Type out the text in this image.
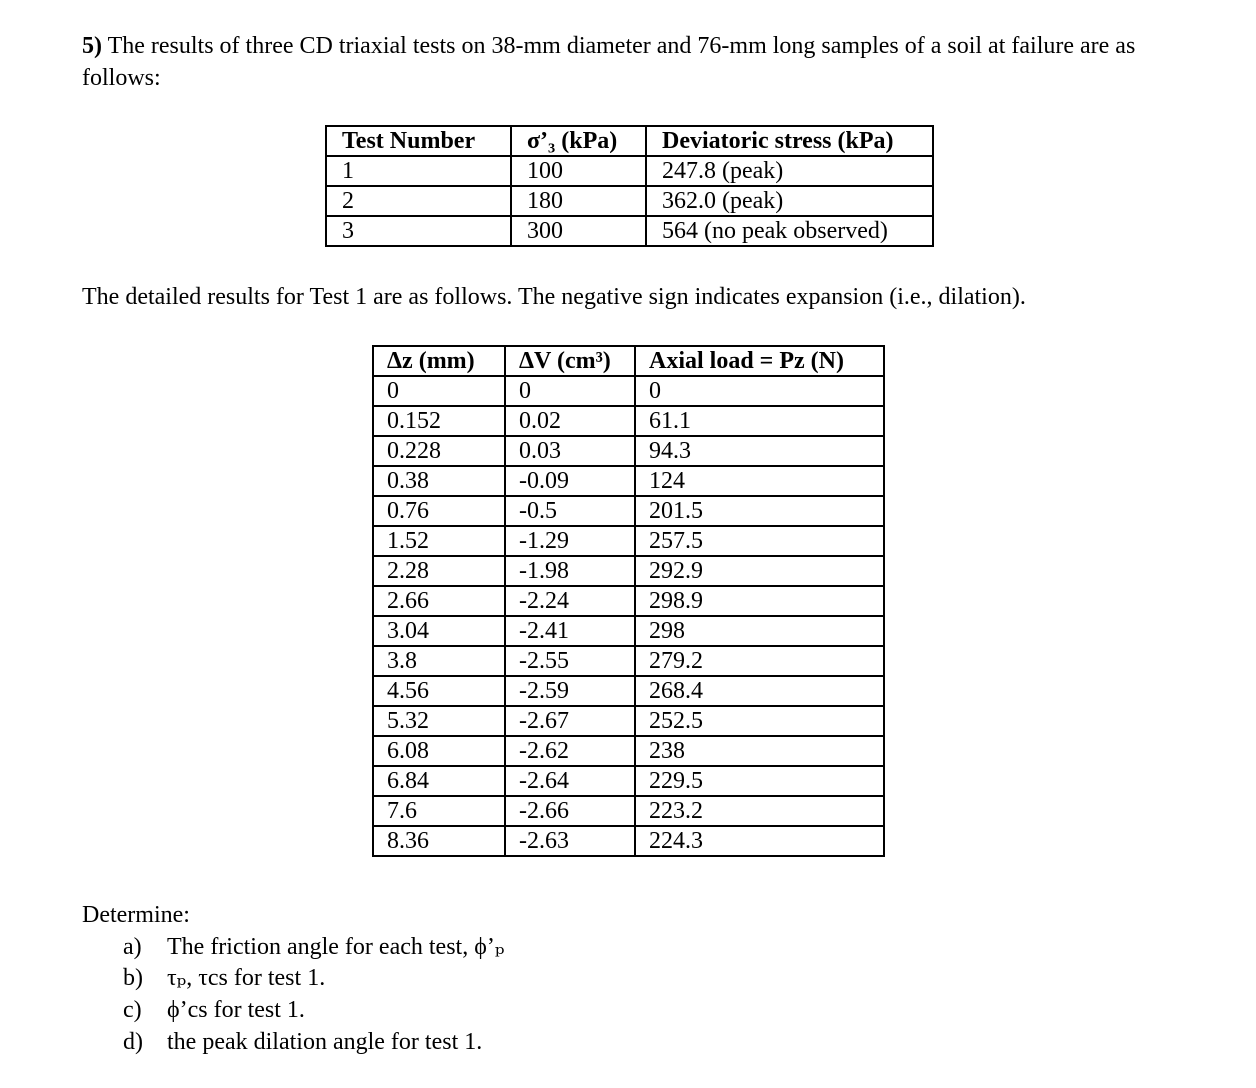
5) The results of three CD triaxial tests on 38-mm diameter and 76-mm long samples of a soil at failure are as follows:
Test Number	σ’₃ (kPa)	Deviatoric stress (kPa)
1	100	247.8 (peak)
2	180	362.0 (peak)
3	300	564 (no peak observed)
The detailed results for Test 1 are as follows. The negative sign indicates expansion (i.e., dilation).
Δz (mm)	ΔV (cm³)	Axial load = Pz (N)
0	0	0
0.152	0.02	61.1
0.228	0.03	94.3
0.38	-0.09	124
0.76	-0.5	201.5
1.52	-1.29	257.5
2.28	-1.98	292.9
2.66	-2.24	298.9
3.04	-2.41	298
3.8	-2.55	279.2
4.56	-2.59	268.4
5.32	-2.67	252.5
6.08	-2.62	238
6.84	-2.64	229.5
7.6	-2.66	223.2
8.36	-2.63	224.3
Determine:
a) The friction angle for each test, ϕ’ₚ
b) τₚ, τcs for test 1.
c) ϕ’cs for test 1.
d) the peak dilation angle for test 1.
